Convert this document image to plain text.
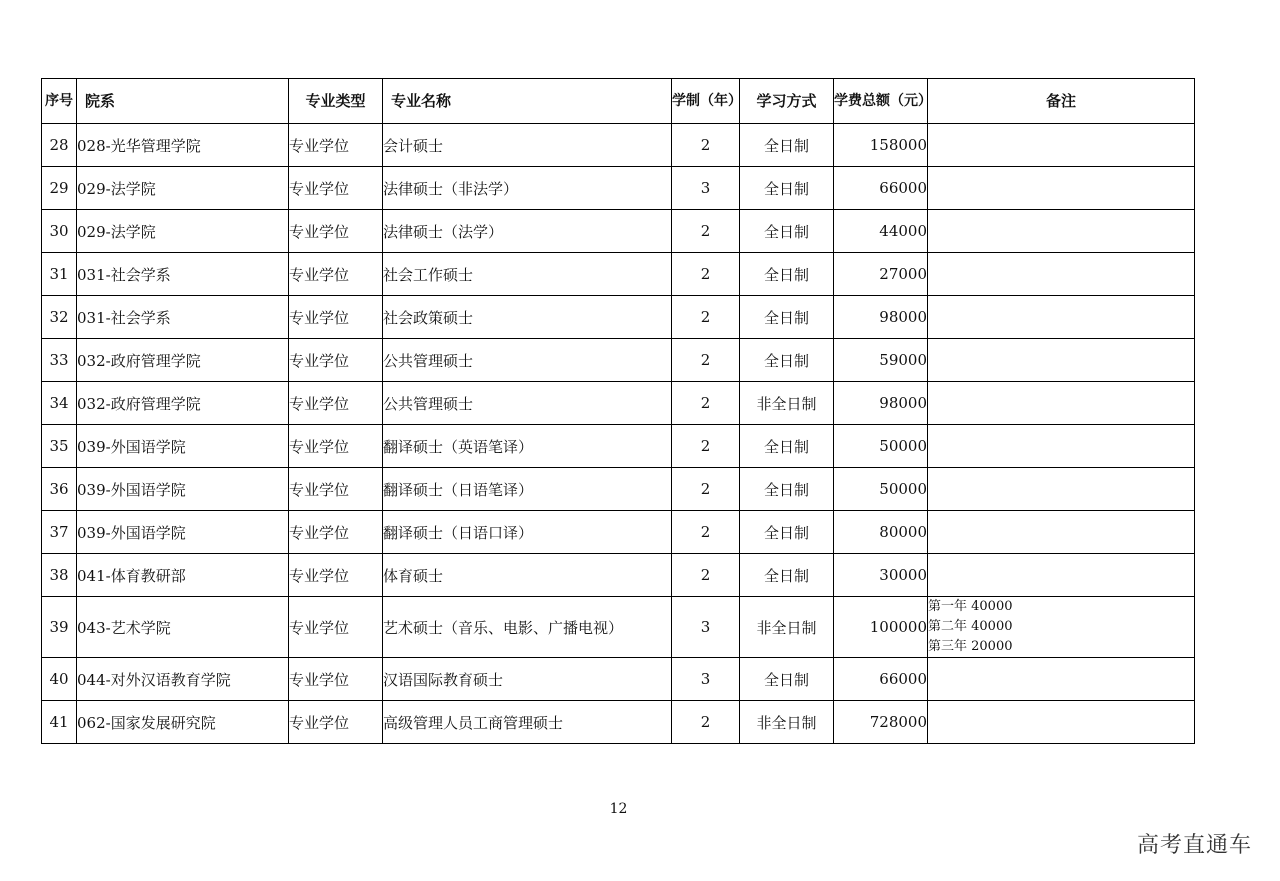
序号	院系	专业类型	专业名称	学制（年）	学习方式	学费总额（元）	备注
28	028-光华管理学院	专业学位	会计硕士	2	全日制	158000	
29	029-法学院	专业学位	法律硕士（非法学）	3	全日制	66000	
30	029-法学院	专业学位	法律硕士（法学）	2	全日制	44000	
31	031-社会学系	专业学位	社会工作硕士	2	全日制	27000	
32	031-社会学系	专业学位	社会政策硕士	2	全日制	98000	
33	032-政府管理学院	专业学位	公共管理硕士	2	全日制	59000	
34	032-政府管理学院	专业学位	公共管理硕士	2	非全日制	98000	
35	039-外国语学院	专业学位	翻译硕士（英语笔译）	2	全日制	50000	
36	039-外国语学院	专业学位	翻译硕士（日语笔译）	2	全日制	50000	
37	039-外国语学院	专业学位	翻译硕士（日语口译）	2	全日制	80000	
38	041-体育教研部	专业学位	体育硕士	2	全日制	30000	
39	043-艺术学院	专业学位	艺术硕士（音乐、电影、广播电视）	3	非全日制	100000	第一年 40000
第二年 40000
第三年 20000

40	044-对外汉语教育学院	专业学位	汉语国际教育硕士	3	全日制	66000	
41	062-国家发展研究院	专业学位	高级管理人员工商管理硕士	2	非全日制	728000	
12
高考直通车
